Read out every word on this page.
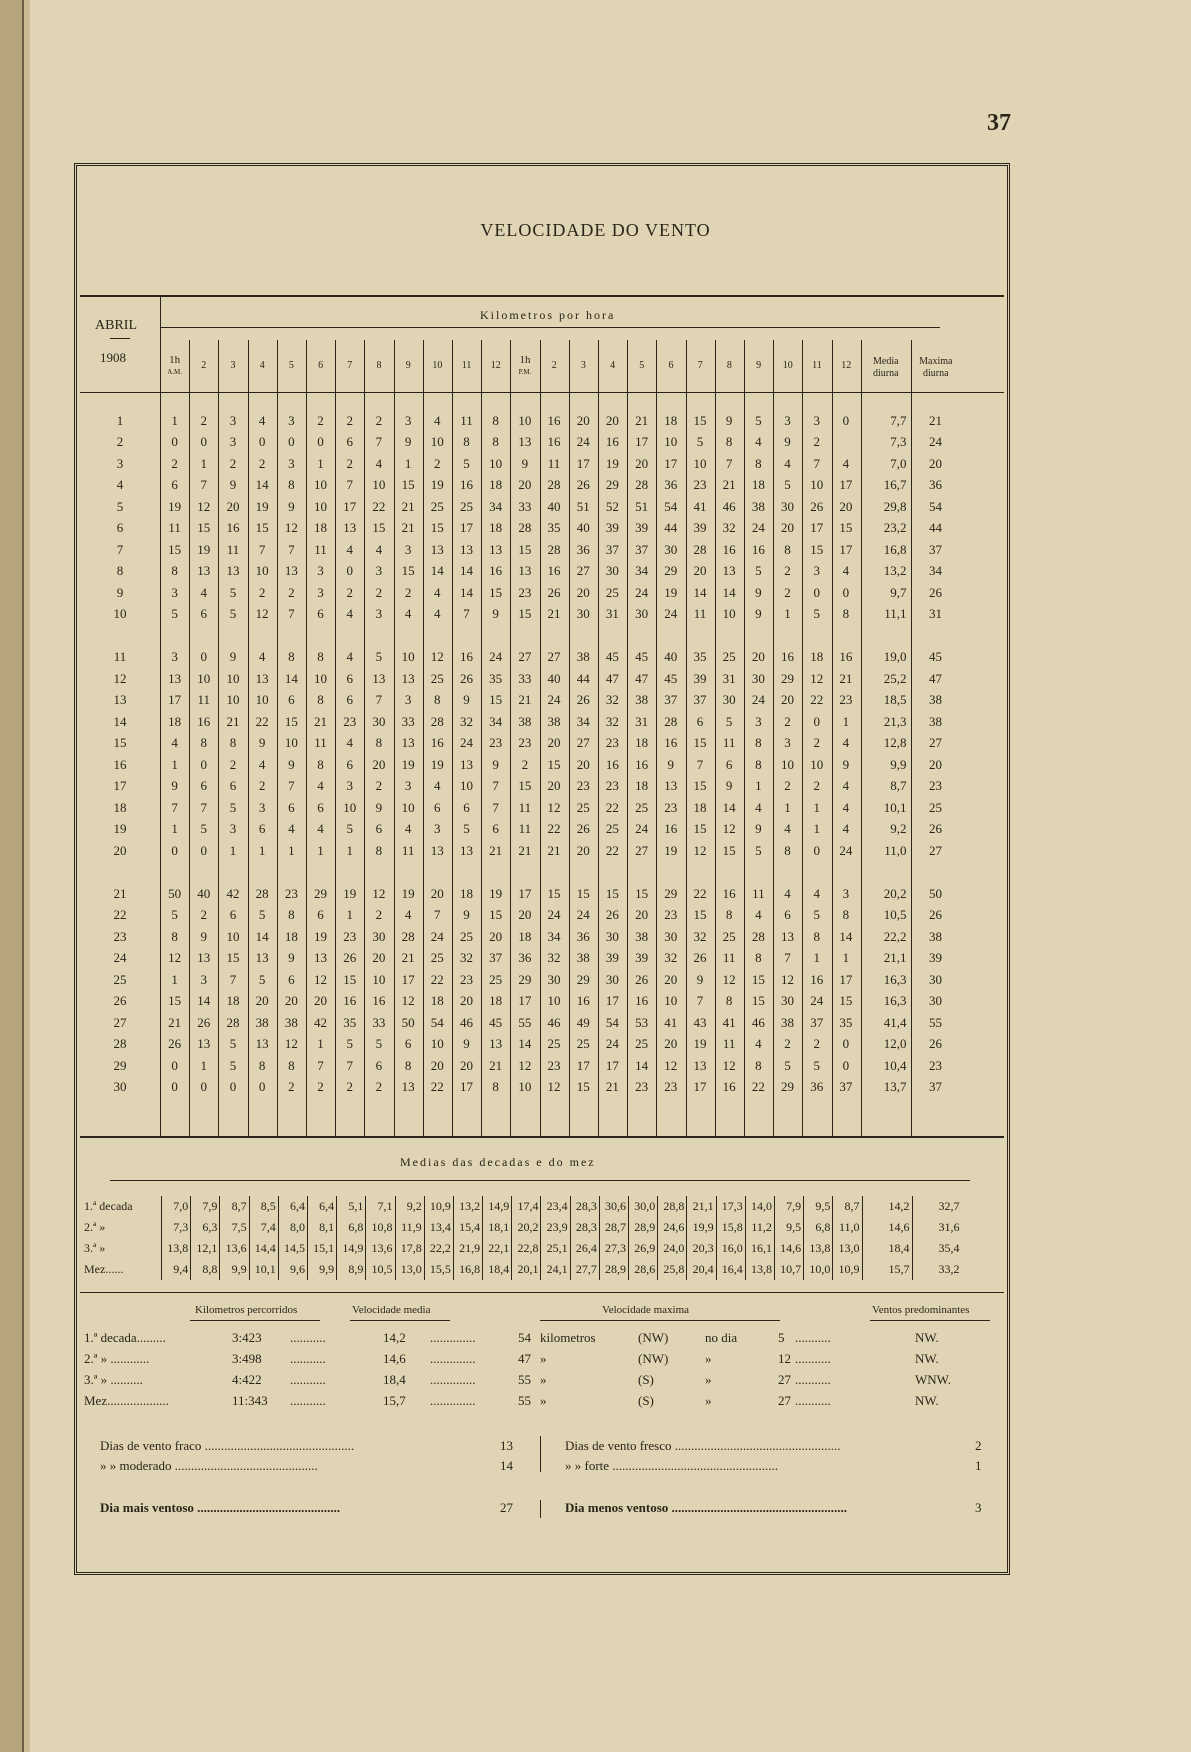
37
VELOCIDADE DO VENTO
ABRIL
1908
Kilometros por hora
1h
A.M.
2	3	4	5	6	7	8	9	10	11	12	1h
P.M.
2	3	4	5	6	7	8	9	10	11	12	Media
diurna
Maxima
diurna
1	1	2	3	4	3	2	2	2	3	4	11	8	10	16	20	20	21	18	15	9	5	3	3	0	7,7	21
2	0	0	3	0	0	0	6	7	9	10	8	8	13	16	24	16	17	10	5	8	4	9	2		7,3	24
3	2	1	2	2	3	1	2	4	1	2	5	10	9	11	17	19	20	17	10	7	8	4	7	4	7,0	20
4	6	7	9	14	8	10	7	10	15	19	16	18	20	28	26	29	28	36	23	21	18	5	10	17	16,7	36
5	19	12	20	19	9	10	17	22	21	25	25	34	33	40	51	52	51	54	41	46	38	30	26	20	29,8	54
6	11	15	16	15	12	18	13	15	21	15	17	18	28	35	40	39	39	44	39	32	24	20	17	15	23,2	44
7	15	19	11	7	7	11	4	4	3	13	13	13	15	28	36	37	37	30	28	16	16	8	15	17	16,8	37
8	8	13	13	10	13	3	0	3	15	14	14	16	13	16	27	30	34	29	20	13	5	2	3	4	13,2	34
9	3	4	5	2	2	3	2	2	2	4	14	15	23	26	20	25	24	19	14	14	9	2	0	0	9,7	26
10	5	6	5	12	7	6	4	3	4	4	7	9	15	21	30	31	30	24	11	10	9	1	5	8	11,1	31

11	3	0	9	4	8	8	4	5	10	12	16	24	27	27	38	45	45	40	35	25	20	16	18	16	19,0	45
12	13	10	10	13	14	10	6	13	13	25	26	35	33	40	44	47	47	45	39	31	30	29	12	21	25,2	47
13	17	11	10	10	6	8	6	7	3	8	9	15	21	24	26	32	38	37	37	30	24	20	22	23	18,5	38
14	18	16	21	22	15	21	23	30	33	28	32	34	38	38	34	32	31	28	6	5	3	2	0	1	21,3	38
15	4	8	8	9	10	11	4	8	13	16	24	23	23	20	27	23	18	16	15	11	8	3	2	4	12,8	27
16	1	0	2	4	9	8	6	20	19	19	13	9	2	15	20	16	16	9	7	6	8	10	10	9	9,9	20
17	9	6	6	2	7	4	3	2	3	4	10	7	15	20	23	23	18	13	15	9	1	2	2	4	8,7	23
18	7	7	5	3	6	6	10	9	10	6	6	7	11	12	25	22	25	23	18	14	4	1	1	4	10,1	25
19	1	5	3	6	4	4	5	6	4	3	5	6	11	22	26	25	24	16	15	12	9	4	1	4	9,2	26
20	0	0	1	1	1	1	1	8	11	13	13	21	21	21	20	22	27	19	12	15	5	8	0	24	11,0	27

21	50	40	42	28	23	29	19	12	19	20	18	19	17	15	15	15	15	29	22	16	11	4	4	3	20,2	50
22	5	2	6	5	8	6	1	2	4	7	9	15	20	24	24	26	20	23	15	8	4	6	5	8	10,5	26
23	8	9	10	14	18	19	23	30	28	24	25	20	18	34	36	30	38	30	32	25	28	13	8	14	22,2	38
24	12	13	15	13	9	13	26	20	21	25	32	37	36	32	38	39	39	32	26	11	8	7	1	1	21,1	39
25	1	3	7	5	6	12	15	10	17	22	23	25	29	30	29	30	26	20	9	12	15	12	16	17	16,3	30
26	15	14	18	20	20	20	16	16	12	18	20	18	17	10	16	17	16	10	7	8	15	30	24	15	16,3	30
27	21	26	28	38	38	42	35	33	50	54	46	45	55	46	49	54	53	41	43	41	46	38	37	35	41,4	55
28	26	13	5	13	12	1	5	5	6	10	9	13	14	25	25	24	25	20	19	11	4	2	2	0	12,0	26
29	0	1	5	8	8	7	7	6	8	20	20	21	12	23	17	17	14	12	13	12	8	5	5	0	10,4	23
30	0	0	0	0	2	2	2	2	13	22	17	8	10	12	15	21	23	23	17	16	22	29	36	37	13,7	37
Medias das decadas e do mez
1.ª decada	7,0	7,9	8,7	8,5	6,4	6,4	5,1	7,1	9,2	10,9	13,2	14,9	17,4	23,4	28,3	30,6	30,0	28,8	21,1	17,3	14,0	7,9	9,5	8,7	14,2	32,7
2.ª »	7,3	6,3	7,5	7,4	8,0	8,1	6,8	10,8	11,9	13,4	15,4	18,1	20,2	23,9	28,3	28,7	28,9	24,6	19,9	15,8	11,2	9,5	6,8	11,0	14,6	31,6
3.ª »	13,8	12,1	13,6	14,4	14,5	15,1	14,9	13,6	17,8	22,2	21,9	22,1	22,8	25,1	26,4	27,3	26,9	24,0	20,3	16,0	16,1	14,6	13,8	13,0	18,4	35,4
Mez......	9,4	8,8	9,9	10,1	9,6	9,9	8,9	10,5	13,0	15,5	16,8	18,4	20,1	24,1	27,7	28,9	28,6	25,8	20,4	16,4	13,8	10,7	10,0	10,9	15,7	33,2
Kilometros percorridos	Velocidade media	Velocidade maxima	Ventos predominantes
1.ª decada.........	3:423 ...........	14,2 ..............	54 kilometros	(NW)	no dia	5 ...........	NW.
2.ª » ............	3:498 ...........	14,6 ..............	47 »	(NW)	»	12 ...........	NW.
3.ª » ..........	4:422 ...........	18,4 ..............	55 »	(S)	»	27 ...........	WNW.
Mez...................	11:343 ...........	15,7 ..............	55 »	(S)	»	27 ...........	NW.
Dias de vento fraco ..............................................	13
» » moderado ............................................	14
Dias de vento fresco ...................................................	2
» » forte ...................................................	1
Dia mais ventoso ............................................	27	Dia menos ventoso ......................................................	3
